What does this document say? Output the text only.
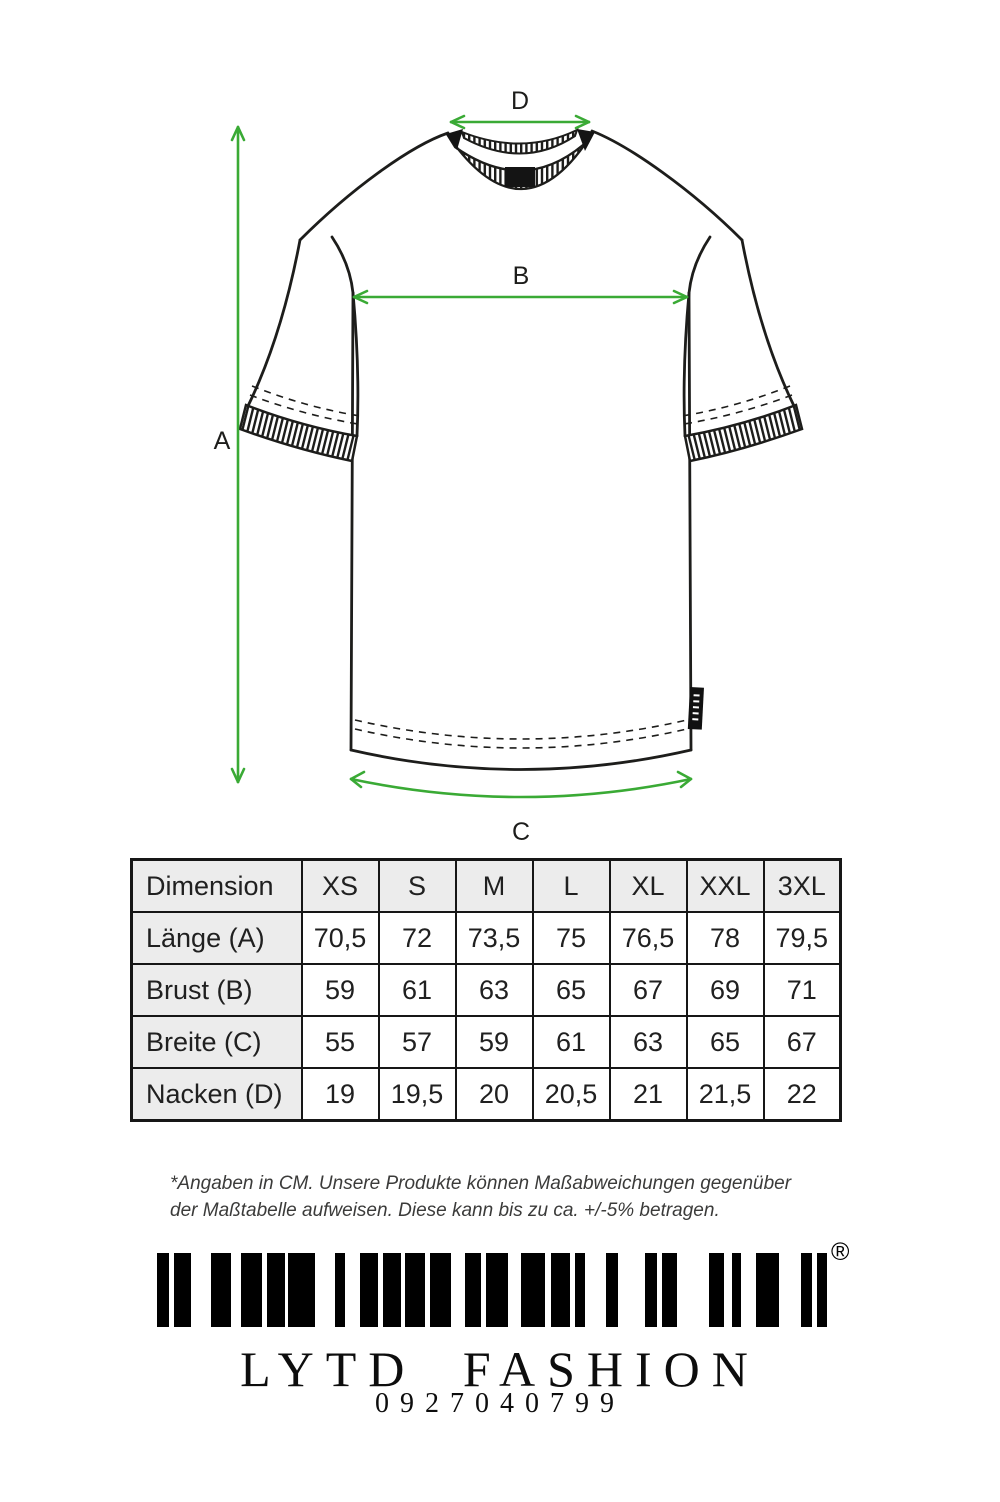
A
B
C
D
Dimension	XS	S	M	L	XL	XXL	3XL
Länge (A)	70,5	72	73,5	75	76,5	78	79,5
Brust (B)	59	61	63	65	67	69	71
Breite (C)	55	57	59	61	63	65	67
Nacken (D)	19	19,5	20	20,5	21	21,5	22
*Angaben in CM. Unsere Produkte können Maßabweichungen gegenüber
der Maßtabelle aufweisen. Diese kann bis zu ca. +/-5% betragen.
®
LYTD FASHION
0927040799
